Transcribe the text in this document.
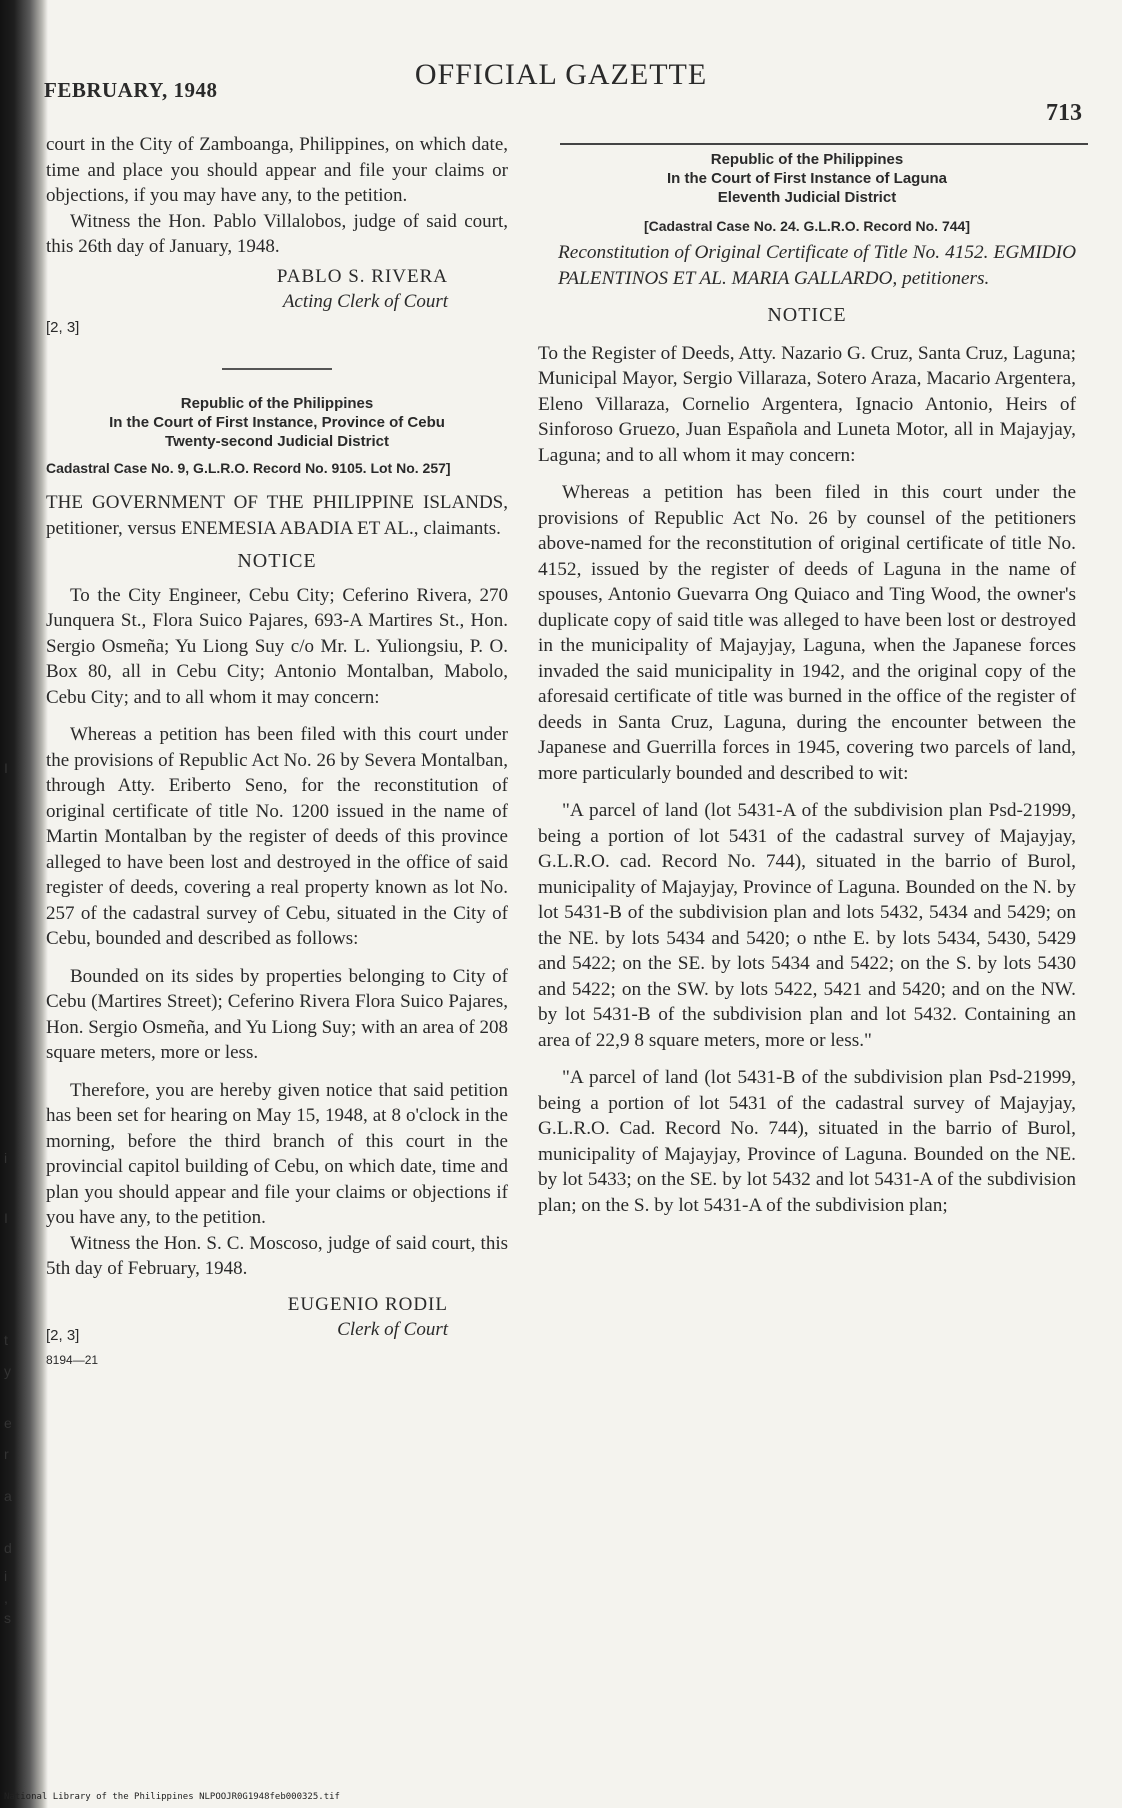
I
i
I
t
y
e
r
a
d
i
,
s
FEBRUARY, 1948	OFFICIAL GAZETTE
713

court in the City of Zamboanga, Philippines, on which date, time and place you should appear and file your claims or objections, if you may have any, to the petition.

Witness the Hon. Pablo Villalobos, judge of said court, this 26th day of January, 1948.

PABLO S. RIVERA
Acting Clerk of Court
[2, 3]
Republic of the Philippines
In the Court of First Instance, Province of Cebu
Twenty-second Judicial District
Cadastral Case No. 9, G.L.R.O. Record No. 9105. Lot No. 257]

THE GOVERNMENT OF THE PHILIPPINE ISLANDS, petitioner, versus ENEMESIA ABADIA ET AL., claimants.

NOTICE

To the City Engineer, Cebu City; Ceferino Rivera, 270 Junquera St., Flora Suico Pajares, 693-A Martires St., Hon. Sergio Osmeña; Yu Liong Suy c/o Mr. L. Yuliongsiu, P. O. Box 80, all in Cebu City; Antonio Montalban, Mabolo, Cebu City; and to all whom it may concern:

Whereas a petition has been filed with this court under the provisions of Republic Act No. 26 by Severa Montalban, through Atty. Eriberto Seno, for the reconstitution of original certificate of title No. 1200 issued in the name of Martin Montalban by the register of deeds of this province alleged to have been lost and destroyed in the office of said register of deeds, covering a real property known as lot No. 257 of the cadastral survey of Cebu, situated in the City of Cebu, bounded and described as follows:

Bounded on its sides by properties belonging to City of Cebu (Martires Street); Ceferino Rivera Flora Suico Pajares, Hon. Sergio Osmeña, and Yu Liong Suy; with an area of 208 square meters, more or less.

Therefore, you are hereby given notice that said petition has been set for hearing on May 15, 1948, at 8 o'clock in the morning, before the third branch of this court in the provincial capitol building of Cebu, on which date, time and plan you should appear and file your claims or objections if you have any, to the petition.

Witness the Hon. S. C. Moscoso, judge of said court, this 5th day of February, 1948.

EUGENIO RODIL
Clerk of Court
[2, 3]
8194—21
Republic of the Philippines
In the Court of First Instance of Laguna
Eleventh Judicial District
[Cadastral Case No. 24. G.L.R.O. Record No. 744]

Reconstitution of Original Certificate of Title No. 4152. EGMIDIO PALENTINOS ET AL. MARIA GALLARDO, petitioners.

NOTICE

To the Register of Deeds, Atty. Nazario G. Cruz, Santa Cruz, Laguna; Municipal Mayor, Sergio Villaraza, Sotero Araza, Macario Argentera, Eleno Villaraza, Cornelio Argentera, Ignacio Antonio, Heirs of Sinforoso Gruezo, Juan Española and Luneta Motor, all in Majayjay, Laguna; and to all whom it may concern:

Whereas a petition has been filed in this court under the provisions of Republic Act No. 26 by counsel of the petitioners above-named for the reconstitution of original certificate of title No. 4152, issued by the register of deeds of Laguna in the name of spouses, Antonio Guevarra Ong Quiaco and Ting Wood, the owner's duplicate copy of said title was alleged to have been lost or destroyed in the municipality of Majayjay, Laguna, when the Japanese forces invaded the said municipality in 1942, and the original copy of the aforesaid certificate of title was burned in the office of the register of deeds in Santa Cruz, Laguna, during the encounter between the Japanese and Guerrilla forces in 1945, covering two parcels of land, more particularly bounded and described to wit:

"A parcel of land (lot 5431-A of the subdivision plan Psd-21999, being a portion of lot 5431 of the cadastral survey of Majayjay, G.L.R.O. cad. Record No. 744), situated in the barrio of Burol, municipality of Majayjay, Province of Laguna. Bounded on the N. by lot 5431-B of the subdivision plan and lots 5432, 5434 and 5429; on the NE. by lots 5434 and 5420; o nthe E. by lots 5434, 5430, 5429 and 5422; on the SE. by lots 5434 and 5422; on the S. by lots 5430 and 5422; on the SW. by lots 5422, 5421 and 5420; and on the NW. by lot 5431-B of the subdivision plan and lot 5432. Containing an area of 22,9 8 square meters, more or less."

"A parcel of land (lot 5431-B of the subdivision plan Psd-21999, being a portion of lot 5431 of the cadastral survey of Majayjay, G.L.R.O. Cad. Record No. 744), situated in the barrio of Burol, municipality of Majayjay, Province of Laguna. Bounded on the NE. by lot 5433; on the SE. by lot 5432 and lot 5431-A of the subdivision plan; on the S. by lot 5431-A of the subdivision plan;

National Library of the Philippines NLPOOJR0G1948feb000325.tif
